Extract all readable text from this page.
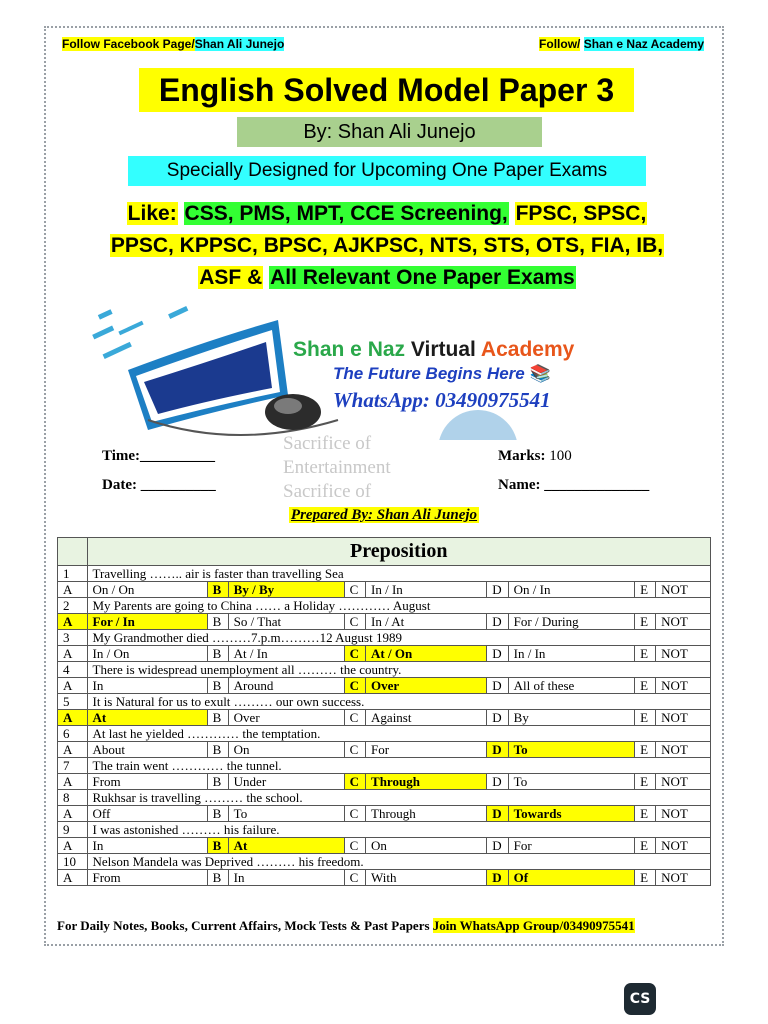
Follow Facebook Page/Shan Ali Junejo	Follow/ Shan e Naz Academy
English Solved Model Paper 3
By: Shan Ali Junejo
Specially Designed for Upcoming One Paper Exams
Like: CSS, PMS, MPT, CCE Screening, FPSC, SPSC,
PPSC, KPPSC, BPSC, AJKPSC, NTS, STS, OTS, FIA, IB,
ASF & All Relevant One Paper Exams
Shan e Naz Virtual Academy
The Future Begins Here 📚
WhatsApp: 03490975541
Sacrifice of
Entertainment
Sacrifice of
Time:__________
Date: __________
Marks: 100
Name: ______________
Prepared By: Shan Ali Junejo
	Preposition								
1	Travelling …….. air is faster than travelling Sea								
A	On / On	B	By / By	C	In / In	D	On / In	E	NOT
2	My Parents are going to China …… a Holiday ………… August								
A	For / In	B	So / That	C	In / At	D	For / During	E	NOT
3	My Grandmother died ………7.p.m………12 August 1989								
A	In / On	B	At / In	C	At / On	D	In / In	E	NOT
4	There is widespread unemployment all ……… the country.								
A	In	B	Around	C	Over	D	All of these	E	NOT
5	It is Natural for us to exult ……… our own success.								
A	At	B	Over	C	Against	D	By	E	NOT
6	At last he yielded ………… the temptation.								
A	About	B	On	C	For	D	To	E	NOT
7	The train went ………… the tunnel.								
A	From	B	Under	C	Through	D	To	E	NOT
8	Rukhsar is travelling ……… the school.								
A	Off	B	To	C	Through	D	Towards	E	NOT
9	I was astonished ……… his failure.								
A	In	B	At	C	On	D	For	E	NOT
10	Nelson Mandela was Deprived ……… his freedom.								
A	From	B	In	C	With	D	Of	E	NOT
For Daily Notes, Books, Current Affairs, Mock Tests & Past Papers Join WhatsApp Group/03490975541
CS
